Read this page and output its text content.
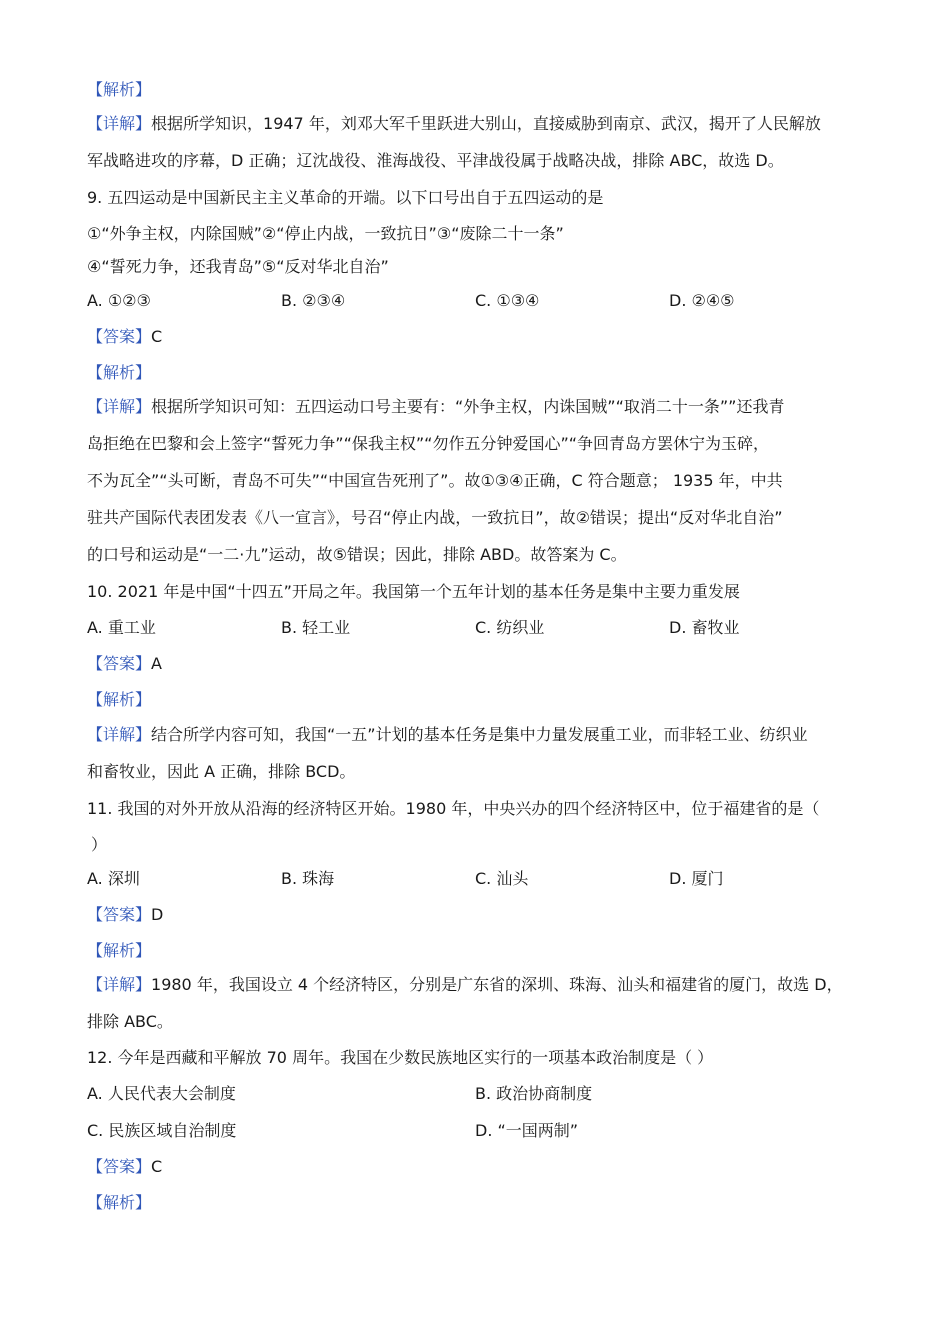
【解析】
【详解】根据所学知识，1947 年，刘邓大军千里跃进大别山，直接威胁到南京、武汉，揭开了人民解放
军战略进攻的序幕，D 正确；辽沈战役、淮海战役、平津战役属于战略决战，排除 ABC，故选 D。
9. 五四运动是中国新民主主义革命的开端。以下口号出自于五四运动的是
①“外争主权，内除国贼”②“停止内战，一致抗日”③“废除二十一条”
④“誓死力争，还我青岛”⑤“反对华北自治”
A. ①②③	B. ②③④	C. ①③④	D. ②④⑤
【答案】C
【解析】
【详解】根据所学知识可知：五四运动口号主要有：“外争主权，内诛国贼”“取消二十一条””还我青
岛拒绝在巴黎和会上签字“誓死力争”“保我主权”“勿作五分钟爱国心”“争回青岛方罢休宁为玉碎，
不为瓦全”“头可断，青岛不可失”“中国宣告死刑了”。故①③④正确，C 符合题意； 1935 年，中共
驻共产国际代表团发表《八一宣言》，号召“停止内战，一致抗日”，故②错误；提出“反对华北自治”
的口号和运动是“一二·九”运动，故⑤错误；因此，排除 ABD。故答案为 C。
10. 2021 年是中国“十四五”开局之年。我国第一个五年计划的基本任务是集中主要力重发展
A. 重工业	B. 轻工业	C. 纺织业	D. 畜牧业
【答案】A
【解析】
【详解】结合所学内容可知，我国“一五”计划的基本任务是集中力量发展重工业，而非轻工业、纺织业
和畜牧业，因此 A 正确，排除 BCD。
11. 我国的对外开放从沿海的经济特区开始。1980 年，中央兴办的四个经济特区中，位于福建省的是（
）
A. 深圳	B. 珠海	C. 汕头	D. 厦门
【答案】D
【解析】
【详解】1980 年，我国设立 4 个经济特区，分别是广东省的深圳、珠海、汕头和福建省的厦门，故选 D，
排除 ABC。
12. 今年是西藏和平解放 70 周年。我国在少数民族地区实行的一项基本政治制度是（ ）
A. 人民代表大会制度	B. 政治协商制度
C. 民族区域自治制度	D. “一国两制”
【答案】C
【解析】
